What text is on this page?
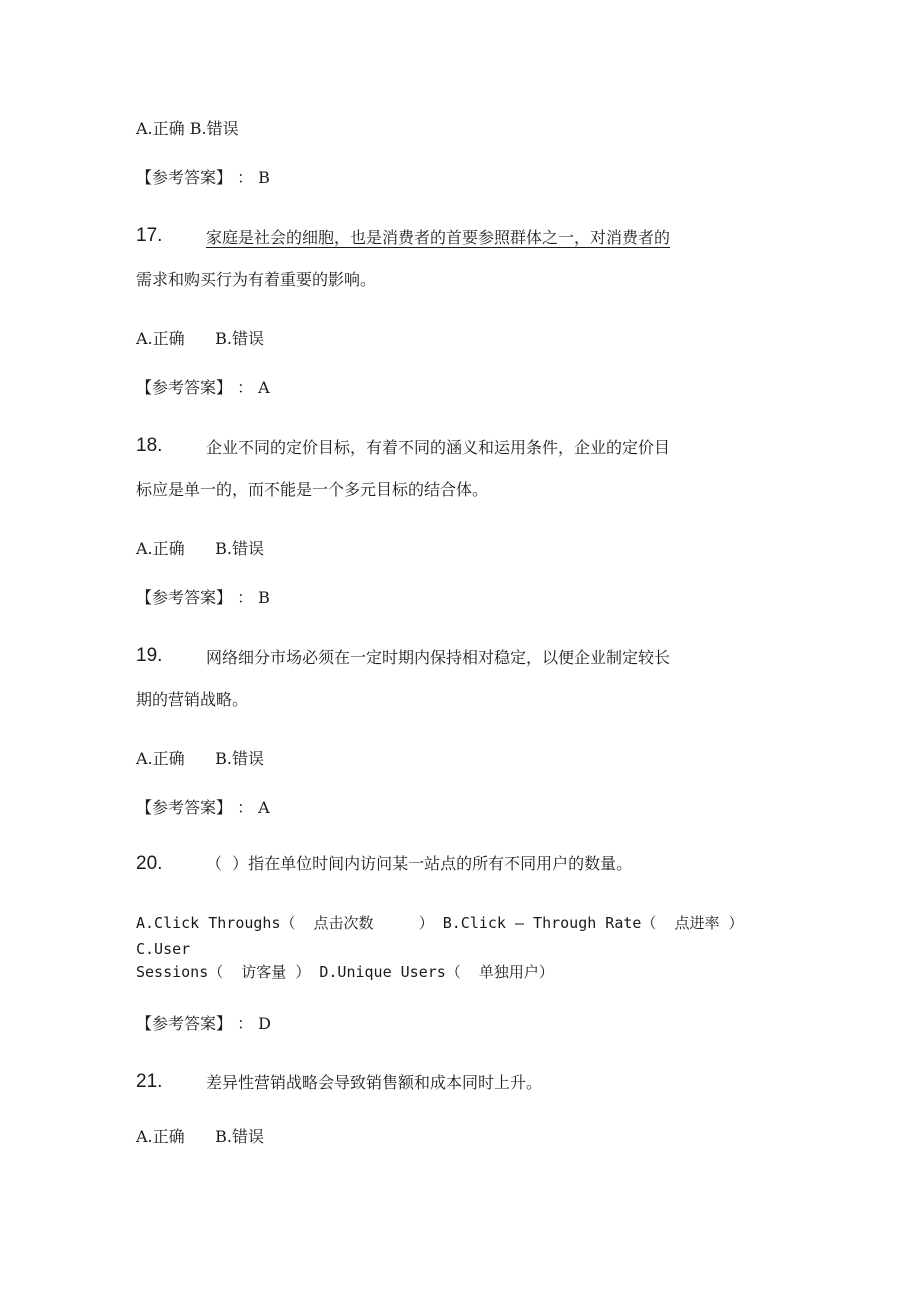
A.正确 B.错误
【参考答案】 ： B
17.	家庭是社会的细胞，也是消费者的首要参照群体之一，对消费者的
需求和购买行为有着重要的影响。
A.正确      B.错误
【参考答案】 ： A
18.	企业不同的定价目标，有着不同的涵义和运用条件，企业的定价目
标应是单一的，而不能是一个多元目标的结合体。
A.正确      B.错误
【参考答案】 ： B
19.	网络细分市场必须在一定时期内保持相对稳定，以便企业制定较长
期的营销战略。
A.正确      B.错误
【参考答案】 ： A
20.	（  ）指在单位时间内访问某一站点的所有不同用户的数量。
A.Click Throughs（  点击次数     ） B.Click — Through Rate（  点进率 ）
C.User
Sessions（  访客量 ） D.Unique Users（  单独用户）
【参考答案】 ： D
21.	差异性营销战略会导致销售额和成本同时上升。
A.正确      B.错误
